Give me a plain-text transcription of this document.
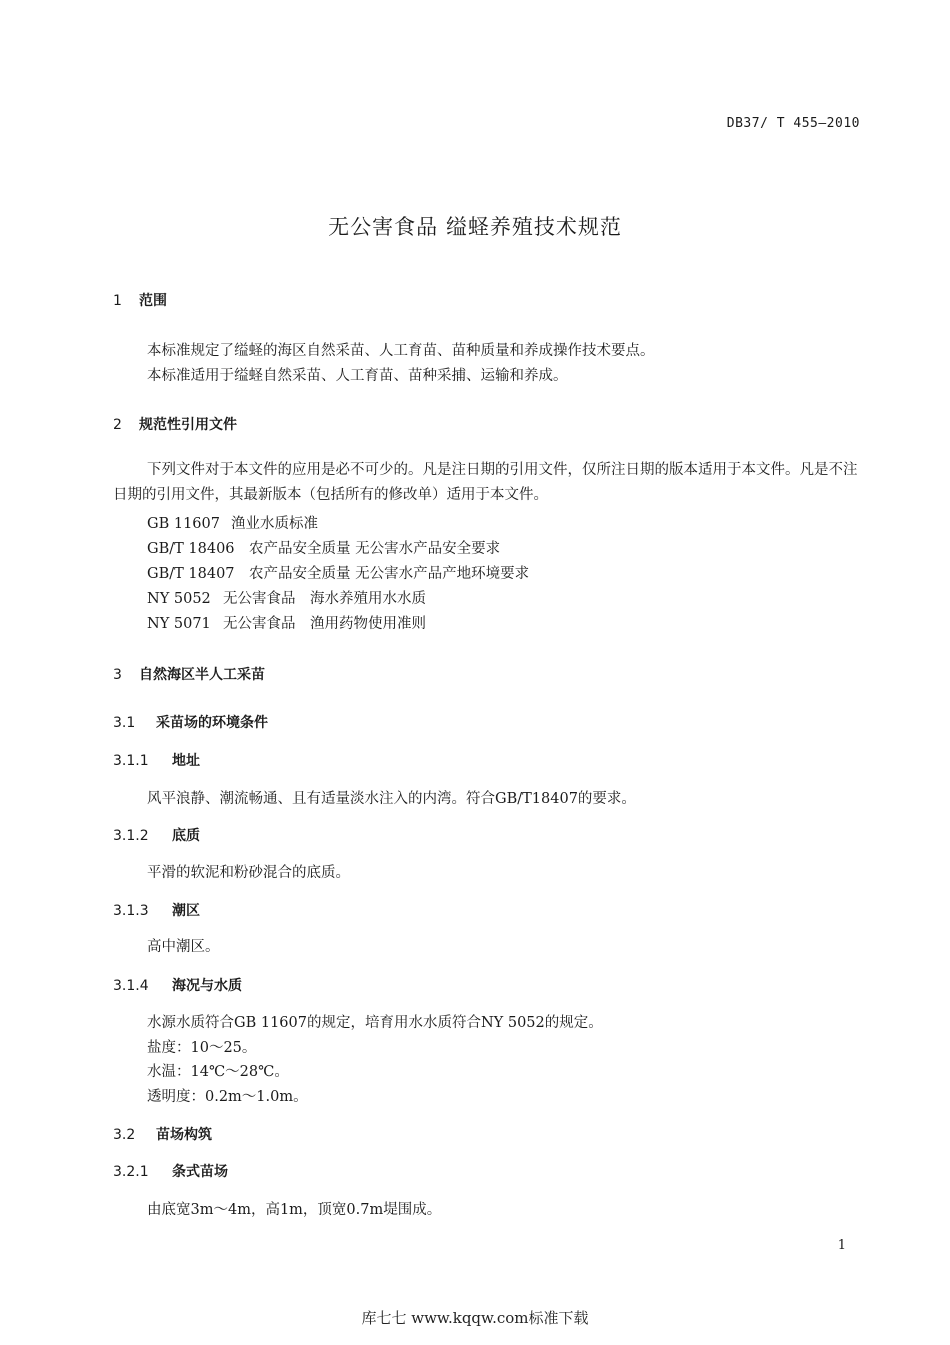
DB37/ T 455—2010
无公害食品 缢蛏养殖技术规范
1 范围
本标准规定了缢蛏的海区自然采苗、人工育苗、苗种质量和养成操作技术要点。
本标准适用于缢蛏自然采苗、人工育苗、苗种采捕、运输和养成。
2 规范性引用文件
下列文件对于本文件的应用是必不可少的。凡是注日期的引用文件，仅所注日期的版本适用于本文件。凡是不注日期的引用文件，其最新版本（包括所有的修改单）适用于本文件。
GB 11607 渔业水质标准
GB/T 18406 农产品安全质量 无公害水产品安全要求
GB/T 18407 农产品安全质量 无公害水产品产地环境要求
NY 5052 无公害食品　海水养殖用水水质
NY 5071 无公害食品　渔用药物使用准则
3 自然海区半人工采苗
3.1 采苗场的环境条件
3.1.1 地址
风平浪静、潮流畅通、且有适量淡水注入的内湾。符合GB/T18407的要求。
3.1.2 底质
平滑的软泥和粉砂混合的底质。
3.1.3 潮区
高中潮区。
3.1.4 海况与水质
水源水质符合GB 11607的规定，培育用水水质符合NY 5052的规定。
盐度：10～25。
水温：14℃～28℃。
透明度：0.2m～1.0m。
3.2 苗场构筑
3.2.1 条式苗场
由底宽3m～4m，高1m，顶宽0.7m堤围成。
1
库七七 www.kqqw.com标准下载
